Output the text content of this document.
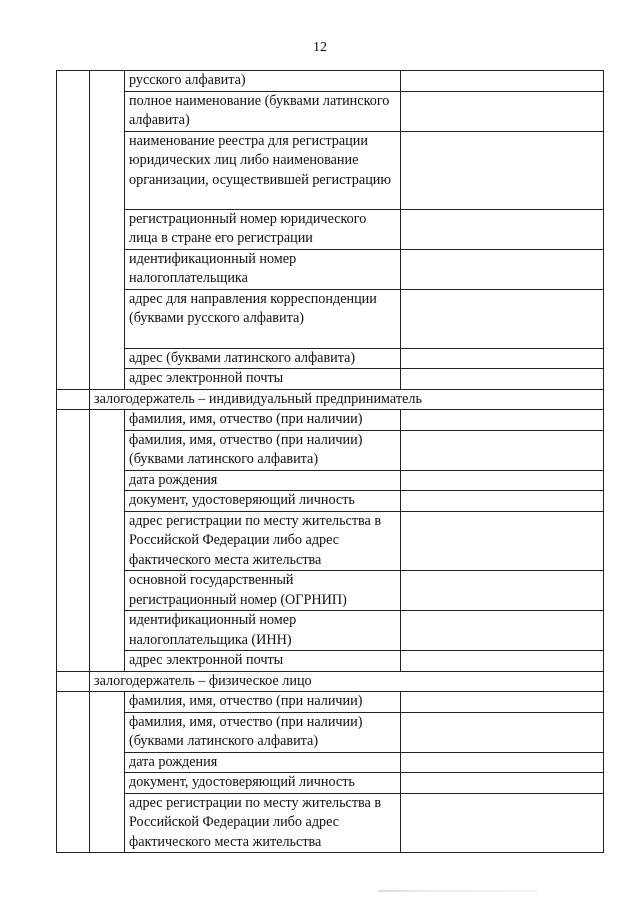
12
		русского алфавита)	
		полное наименование (буквами латинского алфавита)	
		наименование реестра для регистрации юридических лиц либо наименование организации, осуществившей регистрацию	
		регистрационный номер юридического лица в стране его регистрации	
		идентификационный номер налогоплательщика	
		адрес для направления корреспонденции (буквами русского алфавита)	
		адрес (буквами латинского алфавита)	
		адрес электронной почты	
	залогодержатель – индивидуальный предприниматель		
		фамилия, имя, отчество (при наличии)	
		фамилия, имя, отчество (при наличии) (буквами латинского алфавита)	
		дата рождения	
		документ, удостоверяющий личность	
		адрес регистрации по месту жительства в Российской Федерации либо адрес фактического места жительства	
		основной государственный регистрационный номер (ОГРНИП)	
		идентификационный номер налогоплательщика (ИНН)	
		адрес электронной почты	
	залогодержатель – физическое лицо		
		фамилия, имя, отчество (при наличии)	
		фамилия, имя, отчество (при наличии) (буквами латинского алфавита)	
		дата рождения	
		документ, удостоверяющий личность	
		адрес регистрации по месту жительства в Российской Федерации либо адрес фактического места жительства	
